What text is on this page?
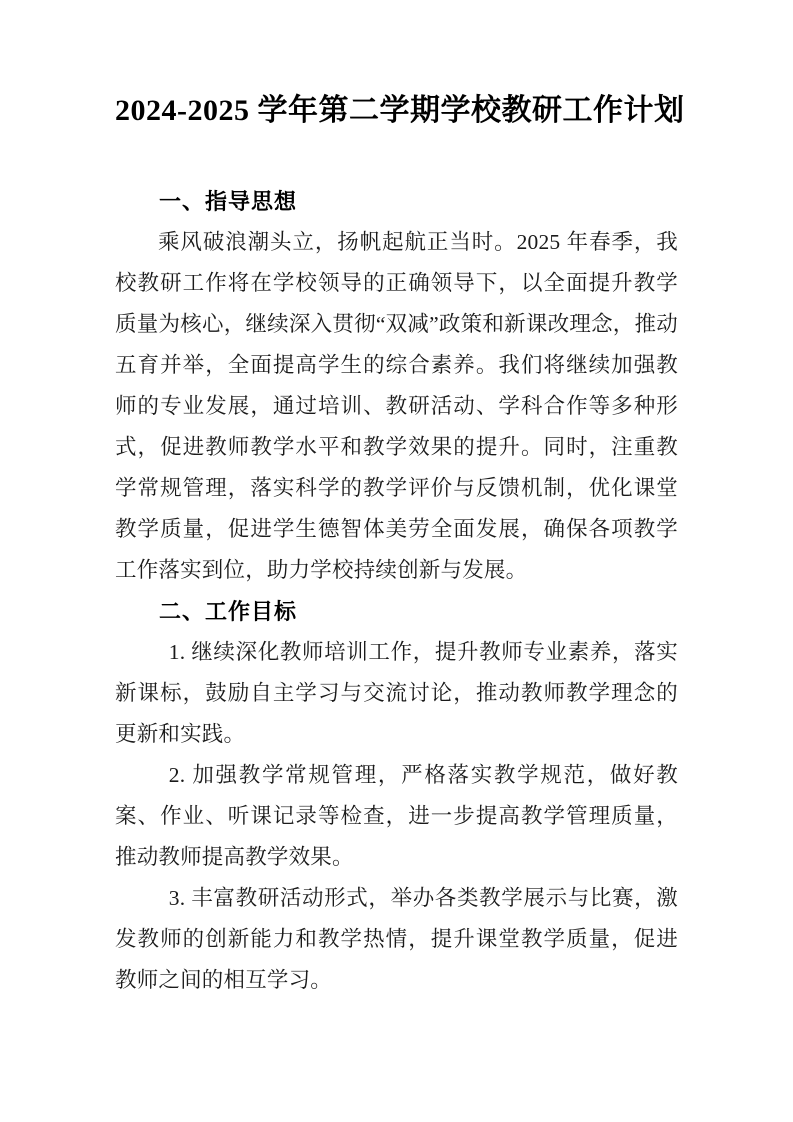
2024-2025 学年第二学期学校教研工作计划
一、指导思想

乘风破浪潮头立，扬帆起航正当时。2025 年春季，我校教研工作将在学校领导的正确领导下，以全面提升教学质量为核心，继续深入贯彻“双减”政策和新课改理念，推动五育并举，全面提高学生的综合素养。我们将继续加强教师的专业发展，通过培训、教研活动、学科合作等多种形式，促进教师教学水平和教学效果的提升。同时，注重教学常规管理，落实科学的教学评价与反馈机制，优化课堂教学质量，促进学生德智体美劳全面发展，确保各项教学工作落实到位，助力学校持续创新与发展。

二、工作目标

1. 继续深化教师培训工作，提升教师专业素养，落实新课标，鼓励自主学习与交流讨论，推动教师教学理念的更新和实践。

2. 加强教学常规管理，严格落实教学规范，做好教案、作业、听课记录等检查，进一步提高教学管理质量，推动教师提高教学效果。

3. 丰富教研活动形式，举办各类教学展示与比赛，激发教师的创新能力和教学热情，提升课堂教学质量，促进教师之间的相互学习。
